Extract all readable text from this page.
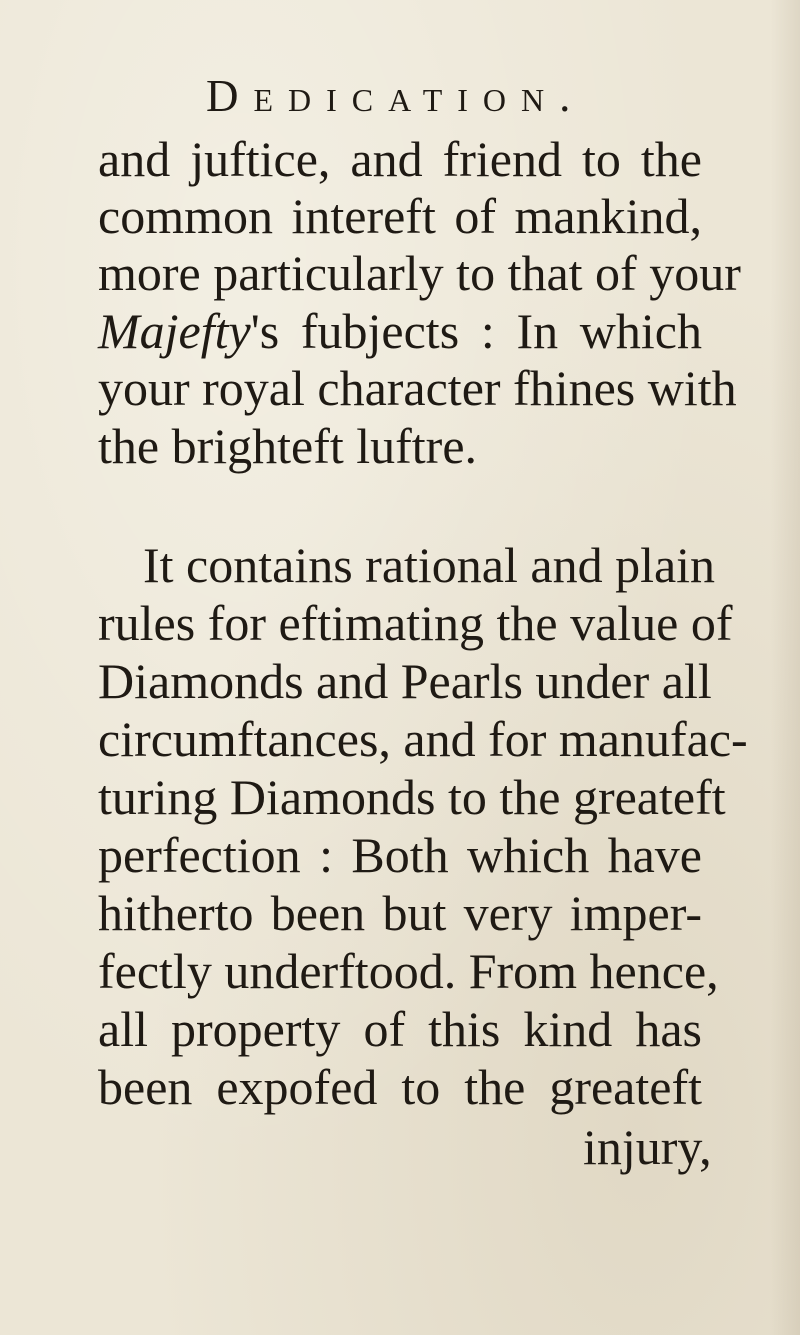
Dedication.
and juftice, and friend to the
common intereft of mankind,
more particularly to that of your
Majefty's fubjects : In which
your royal character fhines with
the brighteft luftre.
It contains rational and plain
rules for eftimating the value of
Diamonds and Pearls under all
circumftances, and for manufac-
turing Diamonds to the greateft
perfection : Both which have
hitherto been but very imper-
fectly underftood. From hence,
all property of this kind has
been expofed to the greateft
injury,
